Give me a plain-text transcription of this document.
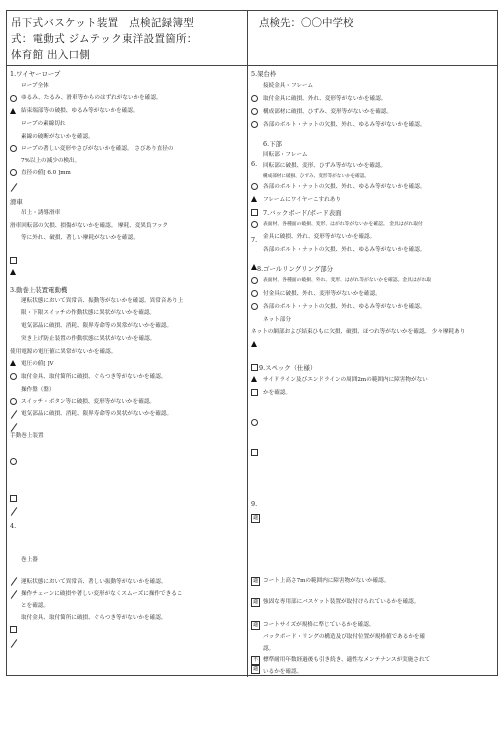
吊下式バスケット装置　点検記録簿型
式：電動式 ジムテック東洋設置箇所：
体育館 出入口側
点検先：〇〇中学校
1.ワイヤーロープ
ロープ全体
ゆるみ、たるみ、滑車等からのはずれがないかを確認。
結束端部等の破損、ゆるみ等がないかを確認。
ロープの素線切れ
素線の破断がないかを確認。
ロープの著しい変形やさびがないかを確認。 さびあり直径の
7%以上の減少の検出。
直径の値[ 6.0 ]mm
滑車
吊上・誘導滑車
滑車回転部の欠損、損傷がないかを確認。 摩耗、変異負フック
等に外れ、破損、著しい摩耗がないかを確認。
3.動巻上装置電動機
運転状態において異常音、振動等がないかを確認。異常音あり上
限・下限スイッチの作動状態に異状がないかを確認。
電気部品に破損、消耗、限界寿命等の異常がないかを確認。
突き上げ防止装置の作動状態に異状がないかを確認。
使用電源の電圧値に異常がないかを確認。
電圧の値[ ]V
取付金具、取付箇所に破損、ぐらつき等がないかを確認。
操作盤（盤）
スイッチ・ボタン等に破損、変形等がないかを確認。
電気部品に破損、消耗、限界寿命等の異状がないかを確認。
手動巻上装置
4.
巻上器
運転状態において異常音、著しい振動等がないかを確認。
操作チェーンに破損や著しい変形がなくスムーズに操作できるこ
とを確認。
取付金具、取付箇所に破損、ぐらつき等がないかを確認。
5.架台枠
接続金具・フレーム
取付金具に破損、外れ、変形等がないかを確認。
構成部材に破損、ひずみ、変形等がないかを確認。
各部のボルト・ナットの欠損、外れ、ゆるみ等がないかを確認。
6.下部
回転部・フレーム
6. 回転部に破損、変形、ひずみ等がないかを確認。
構成部材に破損、ひずみ、変形等がないかを確認。
各部のボルト・ナットの欠損、外れ、ゆるみ等がないかを確認。
フレームにワイヤーこすれあり
7.バックボード/ボード表面
表面材、各種面の破損、変形、はがれ等がないかを確認。 金具はがれ取付
7. 金具に破損、外れ、変形等がないかを確認。
各部のボルト・ナットの欠損、外れ、ゆるみ等がないかを確認。
8.ゴールリングリング部分
表面材、各種面の破損、外れ、変形、はがれ等がないかを確認。金具はがれ取
付金具に破損、外れ、変形等がないかを確認。
各部のボルト・ナットの欠損、外れ、ゆるみ等がないかを確認。
ネット部分
ネットの網部および結束ひもに欠損、破損、ほつれ等がないかを確認。 少々摩耗あり
9.スペック（仕様）
サイドライン及びエンドラインの周囲2mの範囲内に障害物がない
かを確認。
9.
適
適 コート上高さ7mの範囲内に障害物がないか確認。
適 強固な専用部にバスケット装置が取付けられているかを確認。
適 コートサイズが規格に準じているかを確認。
バックボード・リングの構造及び取付位置が規格値であるかを確
認。
不
適
標準耐用年数経過後も引き続き、適性なメンテナンスが実施されて
いるかを確認。
